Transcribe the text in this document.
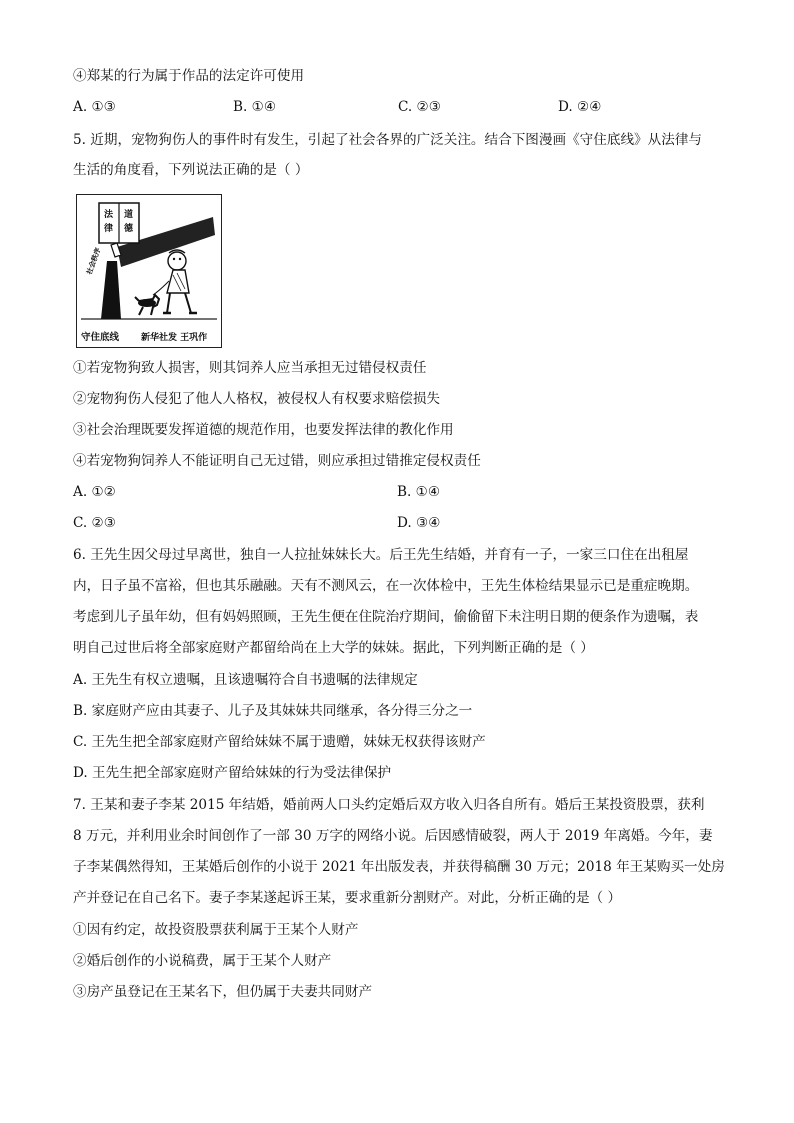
④郑某的行为属于作品的法定许可使用
A. ①③	B. ①④	C. ②③	D. ②④
5. 近期，宠物狗伤人的事件时有发生，引起了社会各界的广泛关注。结合下图漫画《守住底线》从法律与
生活的角度看，下列说法正确的是（ ）
法 道
律 德
社会秩序
守住底线 新华社发 王巩作
①若宠物狗致人损害，则其饲养人应当承担无过错侵权责任
②宠物狗伤人侵犯了他人人格权，被侵权人有权要求赔偿损失
③社会治理既要发挥道德的规范作用，也要发挥法律的教化作用
④若宠物狗饲养人不能证明自己无过错，则应承担过错推定侵权责任
A. ①②	B. ①④
C. ②③	D. ③④
6. 王先生因父母过早离世，独自一人拉扯妹妹长大。后王先生结婚，并育有一子，一家三口住在出租屋
内，日子虽不富裕，但也其乐融融。天有不测风云，在一次体检中，王先生体检结果显示已是重症晚期。
考虑到儿子虽年幼，但有妈妈照顾，王先生便在住院治疗期间，偷偷留下未注明日期的便条作为遗嘱，表
明自己过世后将全部家庭财产都留给尚在上大学的妹妹。据此，下列判断正确的是（ ）
A. 王先生有权立遗嘱，且该遗嘱符合自书遗嘱的法律规定
B. 家庭财产应由其妻子、儿子及其妹妹共同继承，各分得三分之一
C. 王先生把全部家庭财产留给妹妹不属于遗赠，妹妹无权获得该财产
D. 王先生把全部家庭财产留给妹妹的行为受法律保护
7. 王某和妻子李某 2015 年结婚，婚前两人口头约定婚后双方收入归各自所有。婚后王某投资股票，获利
8 万元，并利用业余时间创作了一部 30 万字的网络小说。后因感情破裂，两人于 2019 年离婚。今年，妻
子李某偶然得知，王某婚后创作的小说于 2021 年出版发表，并获得稿酬 30 万元；2018 年王某购买一处房
产并登记在自己名下。妻子李某遂起诉王某，要求重新分割财产。对此，分析正确的是（ ）
①因有约定，故投资股票获利属于王某个人财产
②婚后创作的小说稿费，属于王某个人财产
③房产虽登记在王某名下，但仍属于夫妻共同财产
